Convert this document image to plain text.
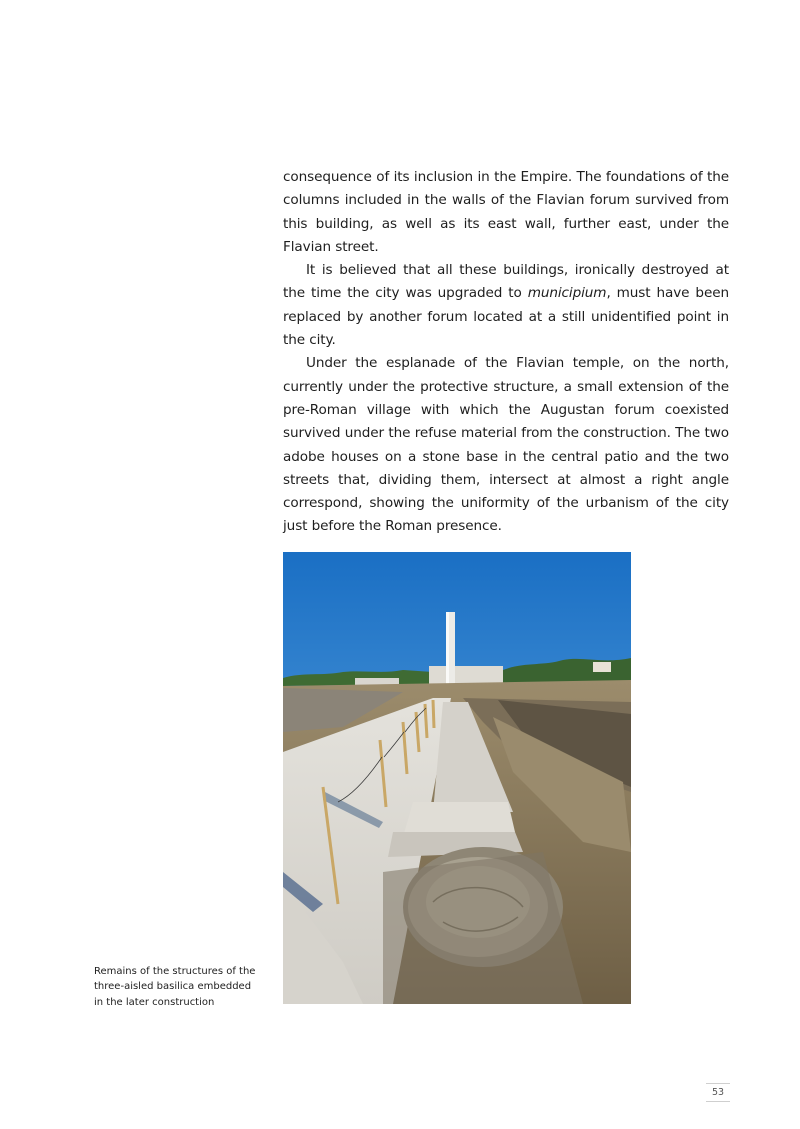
consequence of its inclusion in the Empire. The foundations of the columns included in the walls of the Flavian forum survived from this building, as well as its east wall, further east, under the Flavian street.

It is believed that all these buildings, ironically destroyed at the time the city was upgraded to municipium, must have been replaced by another forum located at a still unidentified point in the city.

Under the esplanade of the Flavian temple, on the north, currently under the protective structure, a small extension of the pre-Roman village with which the Augustan forum coexisted survived under the refuse material from the construction. The two adobe houses on a stone base in the central patio and the two streets that, dividing them, intersect at almost a right angle correspond, showing the uniformity of the urbanism of the city just before the Roman presence.

Remains of the structures of the
three-aisled basilica embedded
in the later construction
53
